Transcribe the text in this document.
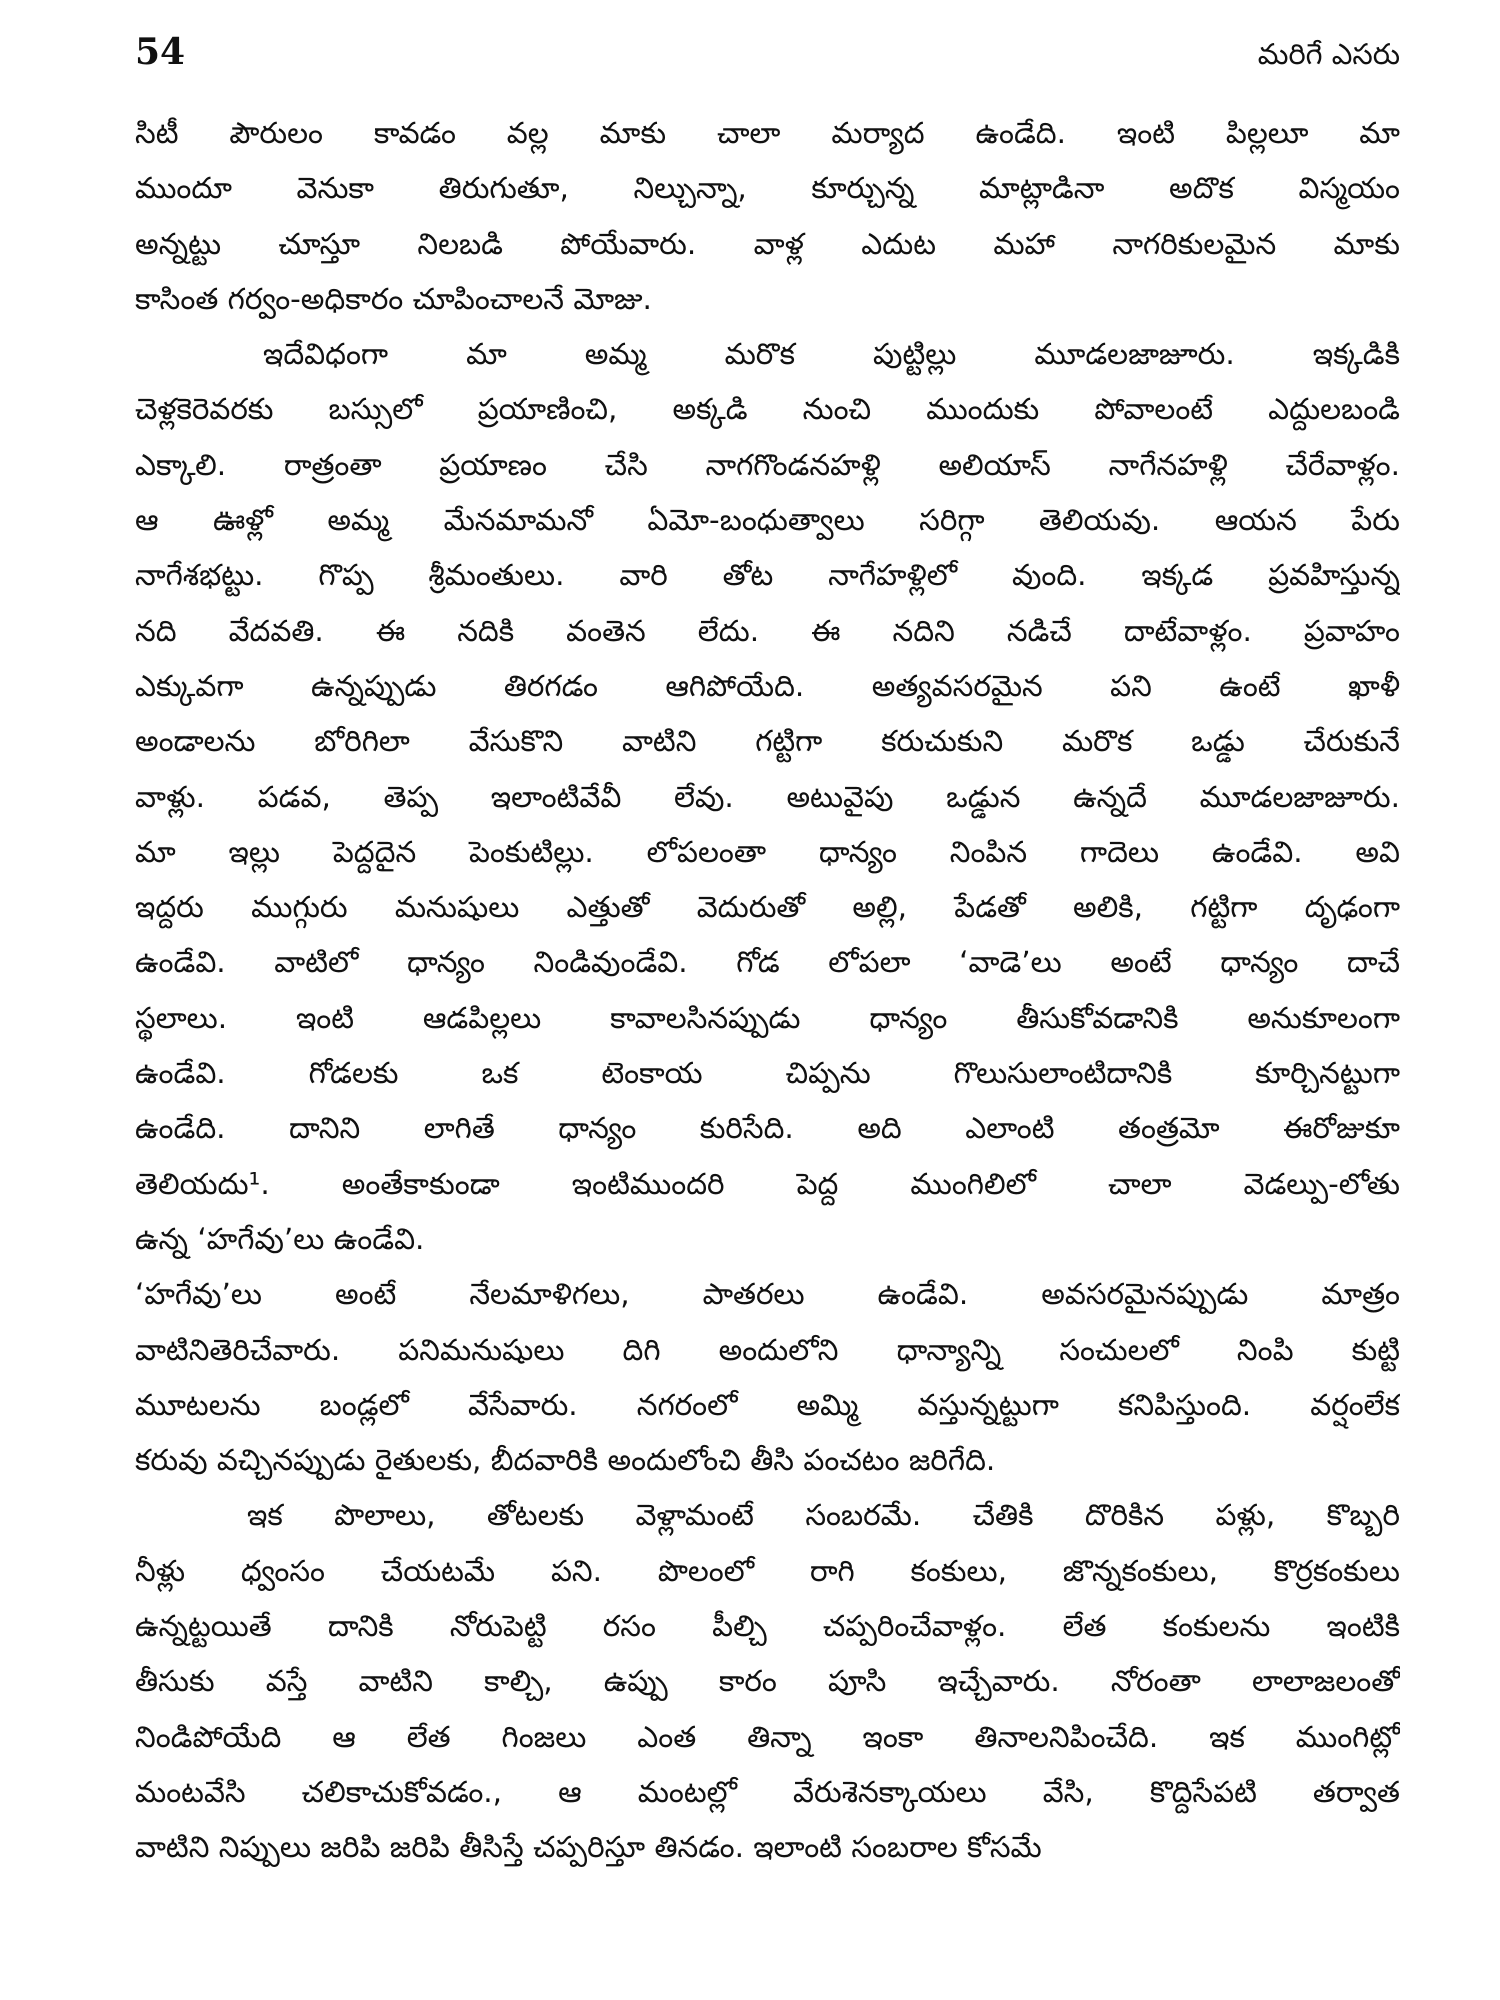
54	మరిగే ఎసరు
సిటీ పౌరులం కావడం వల్ల మాకు చాలా మర్యాద ఉండేది. ఇంటి పిల్లలూ మా
ముందూ వెనుకా తిరుగుతూ, నిల్చున్నా, కూర్చున్న మాట్లాడినా అదొక విస్మయం
అన్నట్టు చూస్తూ నిలబడి పోయేవారు. వాళ్ల ఎదుట మహా నాగరికులమైన మాకు
కాసింత గర్వం-అధికారం చూపించాలనే మోజు.
ఇదేవిధంగా మా అమ్మ మరొక పుట్టిల్లు మూడలజాజూరు. ఇక్కడికి
చెళ్లకెరెవరకు బస్సులో ప్రయాణించి, అక్కడి నుంచి ముందుకు పోవాలంటే ఎద్దులబండి
ఎక్కాలి. రాత్రంతా ప్రయాణం చేసి నాగగొండనహళ్లి అలియాస్ నాగేనహళ్లి చేరేవాళ్లం.
ఆ ఊళ్లో అమ్మ మేనమామనో ఏమో-బంధుత్వాలు సరిగ్గా తెలియవు. ఆయన పేరు
నాగేశభట్టు. గొప్ప శ్రీమంతులు. వారి తోట నాగేహళ్లిలో వుంది. ఇక్కడ ప్రవహిస్తున్న
నది వేదవతి. ఈ నదికి వంతెన లేదు. ఈ నదిని నడిచే దాటేవాళ్లం. ప్రవాహం
ఎక్కువగా ఉన్నప్పుడు తిరగడం ఆగిపోయేది. అత్యవసరమైన పని ఉంటే ఖాళీ
అండాలను బోరిగిలా వేసుకొని వాటిని గట్టిగా కరుచుకుని మరొక ఒడ్డు చేరుకునే
వాళ్లు. పడవ, తెప్ప ఇలాంటివేవీ లేవు. అటువైపు ఒడ్డున ఉన్నదే మూడలజాజూరు.
మా ఇల్లు పెద్దదైన పెంకుటిల్లు. లోపలంతా ధాన్యం నింపిన గాదెలు ఉండేవి. అవి
ఇద్దరు ముగ్గురు మనుషులు ఎత్తుతో వెదురుతో అల్లి, పేడతో అలికి, గట్టిగా దృఢంగా
ఉండేవి. వాటిలో ధాన్యం నిండివుండేవి. గోడ లోపలా ‘వాడె’లు అంటే ధాన్యం దాచే
స్థలాలు. ఇంటి ఆడపిల్లలు కావాలసినప్పుడు ధాన్యం తీసుకోవడానికి అనుకూలంగా
ఉండేవి. గోడలకు ఒక టెంకాయ చిప్పను గొలుసులాంటిదానికి కూర్చినట్టుగా
ఉండేది. దానిని లాగితే ధాన్యం కురిసేది. అది ఎలాంటి తంత్రమో ఈరోజుకూ
తెలియదు¹. అంతేకాకుండా ఇంటిముందరి పెద్ద ముంగిలిలో చాలా వెడల్పు-లోతు
ఉన్న ‘హగేవు’లు ఉండేవి.
‘హగేవు’లు అంటే నేలమాళిగలు, పాతరలు ఉండేవి. అవసరమైనప్పుడు మాత్రం
వాటినితెరిచేవారు. పనిమనుషులు దిగి అందులోని ధాన్యాన్ని సంచులలో నింపి కుట్టి
మూటలను బండ్లలో వేసేవారు. నగరంలో అమ్మి వస్తున్నట్టుగా కనిపిస్తుంది. వర్షంలేక
కరువు వచ్చినప్పుడు రైతులకు, బీదవారికి అందులోంచి తీసి పంచటం జరిగేది.
ఇక పొలాలు, తోటలకు వెళ్లామంటే సంబరమే. చేతికి దొరికిన పళ్లు, కొబ్బరి
నీళ్లు ధ్వంసం చేయటమే పని. పొలంలో రాగి కంకులు, జొన్నకంకులు, కొర్రకంకులు
ఉన్నట్టయితే దానికి నోరుపెట్టి రసం పీల్చి చప్పరించేవాళ్లం. లేత కంకులను ఇంటికి
తీసుకు వస్తే వాటిని కాల్చి, ఉప్పు కారం పూసి ఇచ్చేవారు. నోరంతా లాలాజలంతో
నిండిపోయేది ఆ లేత గింజలు ఎంత తిన్నా ఇంకా తినాలనిపించేది. ఇక ముంగిట్లో
మంటవేసి చలికాచుకోవడం., ఆ మంటల్లో వేరుశెనక్కాయలు వేసి, కొద్దిసేపటి తర్వాత
వాటిని నిప్పులు జరిపి జరిపి తీసిస్తే చప్పరిస్తూ తినడం. ఇలాంటి సంబరాల కోసమే
